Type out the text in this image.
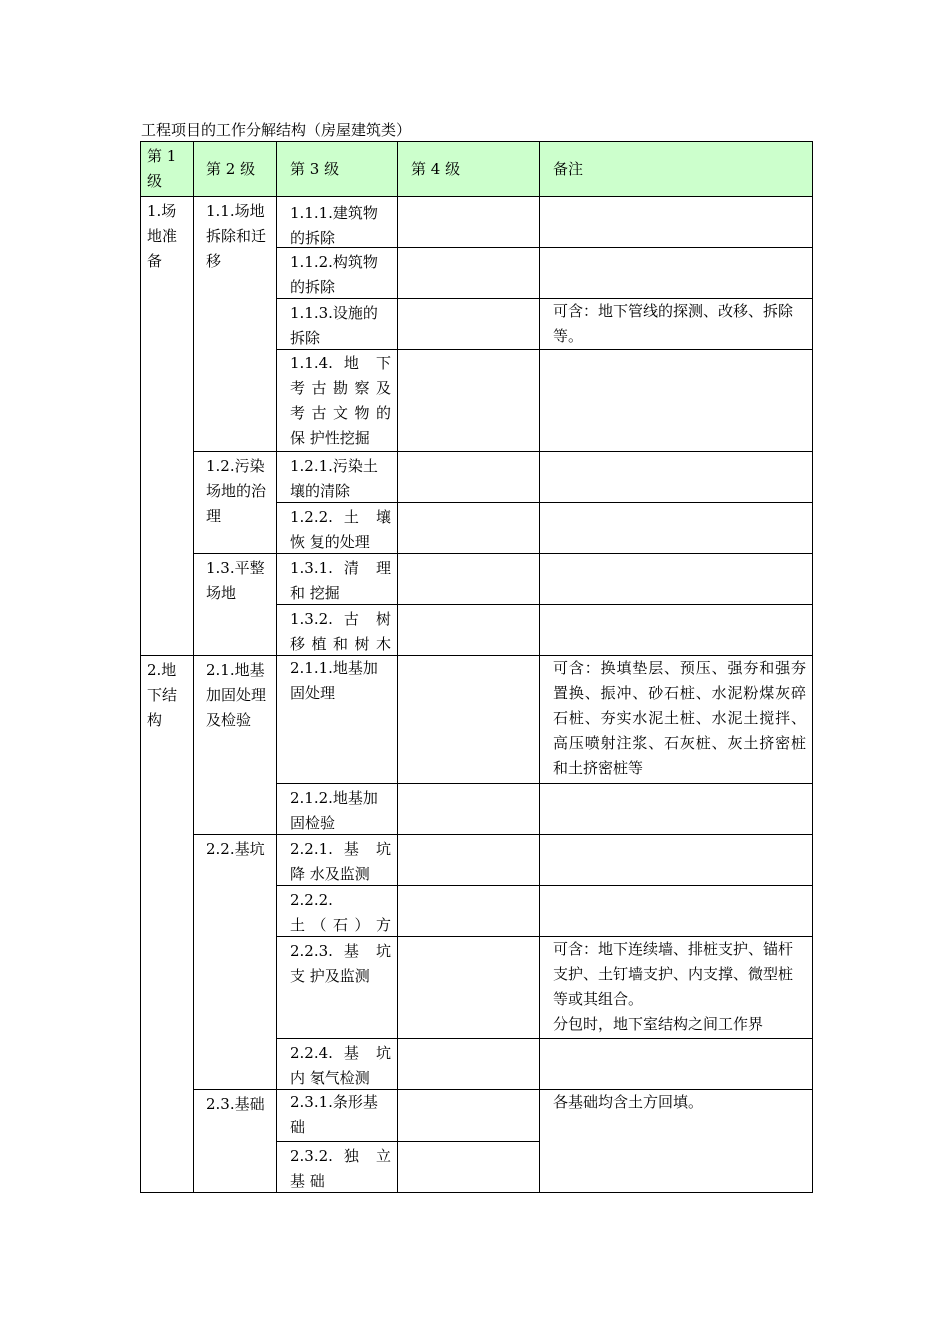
工程项目的工作分解结构（房屋建筑类）
第 1 级	第 2 级	第 3 级	第 4 级	备注
1.场地准备	1.1.场地拆除和迁移	1.1.1.建筑物的拆除		

		1.1.2.构筑物的拆除		

		1.1.3.设施的拆除		可含：地下管线的探测、改移、拆除等。

		1.1.4. 地 下 考 古 勘 察 及 考 古 文 物 的 保 护性挖掘		

	1.2.污染场地的治理	1.2.1.污染土壤的清除		

		1.2.2. 土 壤 恢 复的处理		

	1.3.平整场地	1.3.1. 清 理 和 挖掘		

		1.3.2. 古 树 移 植 和 树 木		

2.地下结构	2.1.地基加固处理及检验	2.1.1.地基加固处理		可含：换填垫层、预压、强夯和强夯置换、振冲、砂石桩、水泥粉煤灰碎石桩、夯实水泥土桩、水泥土搅拌、高压喷射注浆、石灰桩、灰土挤密桩和土挤密桩等

		2.1.2.地基加固检验		

	2.2.基坑	2.2.1. 基 坑 降 水及监测		

		2.2.2.　　　土 （ 石 ） 方		

		2.2.3. 基 坑 支 护及监测		可含：地下连续墙、排桩支护、锚杆支护、土钉墙支护、内支撑、微型桩等或其组合。
分包时，地下室结构之间工作界

		2.2.4. 基 坑 内 氡气检测		

	2.3.基础	2.3.1.条形基础		各基础均含土方回填。

		2.3.2. 独 立 基 础		
